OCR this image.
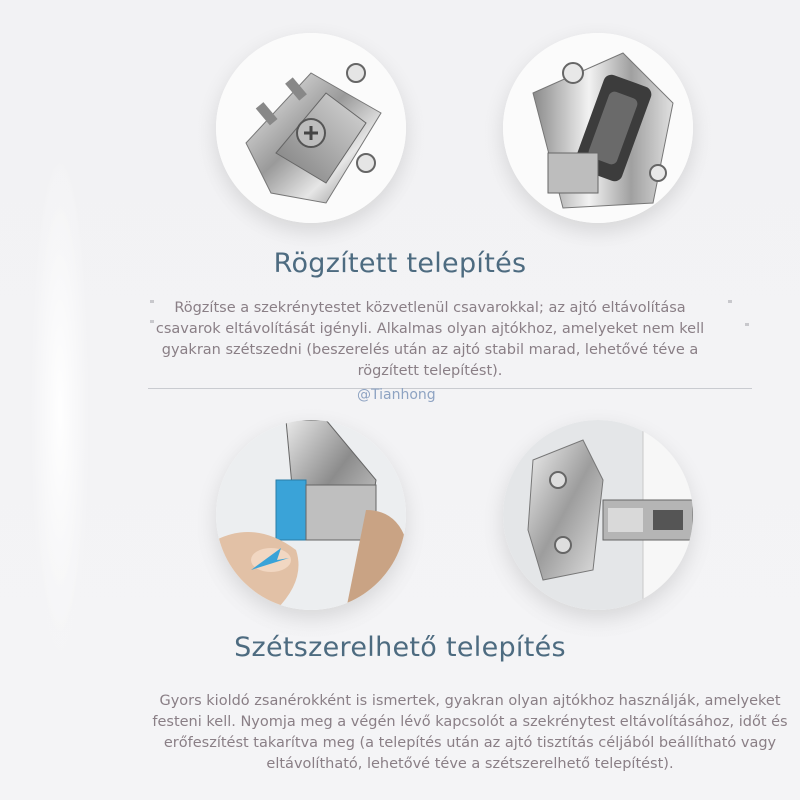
Rögzített telepítés
Rögzítse a szekrénytestet közvetlenül csavarokkal; az ajtó eltávolítása csavarok eltávolítását igényli. Alkalmas olyan ajtókhoz, amelyeket nem kell gyakran szétszedni (beszerelés után az ajtó stabil marad, lehetővé téve a rögzített telepítést).
@Tianhong
Szétszerelhető telepítés
Gyors kioldó zsanérokként is ismertek, gyakran olyan ajtókhoz használják, amelyeket festeni kell. Nyomja meg a végén lévő kapcsolót a szekrénytest eltávolításához, időt és erőfeszítést takarítva meg (a telepítés után az ajtó tisztítás céljából beállítható vagy eltávolítható, lehetővé téve a szétszerelhető telepítést).
